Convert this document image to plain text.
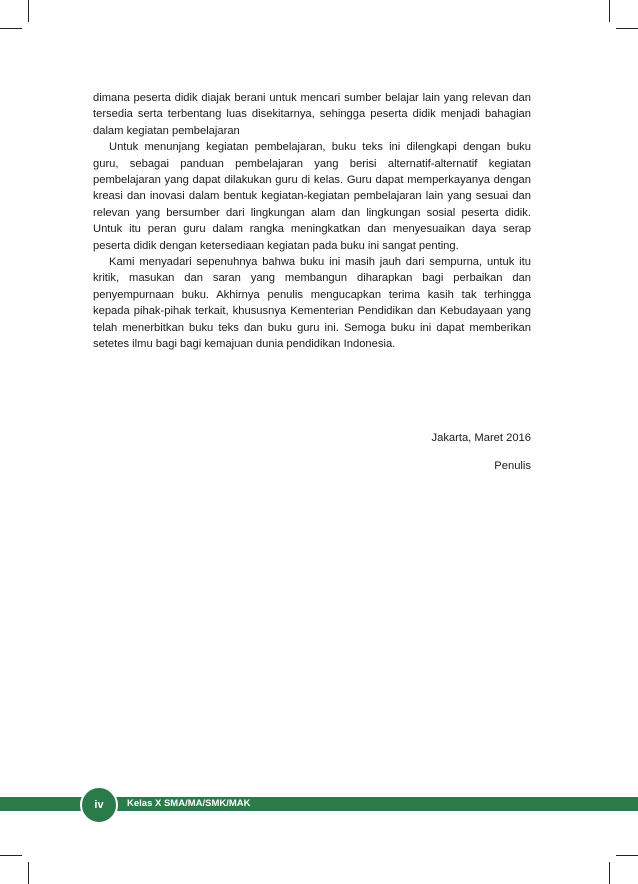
dimana peserta didik diajak berani untuk mencari sumber belajar lain yang relevan dan tersedia serta terbentang luas disekitarnya, sehingga peserta didik menjadi bahagian dalam kegiatan pembelajaran

Untuk menunjang kegiatan pembelajaran, buku teks ini dilengkapi dengan buku guru, sebagai panduan pembelajaran yang berisi alternatif-alternatif kegiatan pembelajaran yang dapat dilakukan guru di kelas. Guru dapat memperkayanya dengan kreasi dan inovasi dalam bentuk kegiatan-kegiatan pembelajaran lain yang sesuai dan relevan yang bersumber dari lingkungan alam dan lingkungan sosial peserta didik. Untuk itu peran guru dalam rangka meningkatkan dan menyesuaikan daya serap peserta didik dengan ketersediaan kegiatan pada buku ini sangat penting.

Kami menyadari sepenuhnya bahwa buku ini masih jauh dari sempurna, untuk itu kritik, masukan dan saran yang membangun diharapkan bagi perbaikan dan penyempurnaan buku. Akhirnya penulis mengucapkan terima kasih tak terhingga kepada pihak-pihak terkait, khususnya Kementerian Pendidikan dan Kebudayaan yang telah menerbitkan buku teks dan buku guru ini. Semoga buku ini dapat memberikan setetes ilmu bagi bagi kemajuan dunia pendidikan Indonesia.

Jakarta, Maret 2016
Penulis
iv Kelas X SMA/MA/SMK/MAK
